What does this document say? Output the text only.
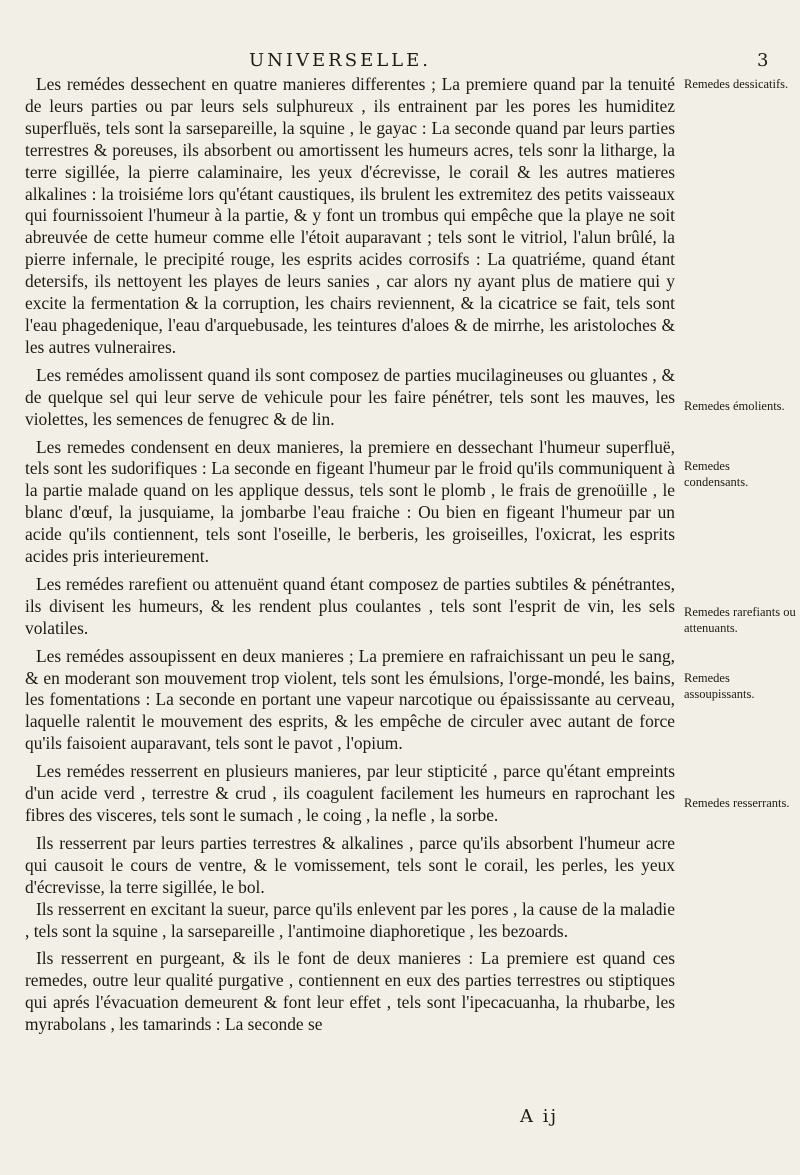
UNIVERSELLE.	3

Les remédes dessechent en quatre manieres differentes ; La premiere quand par la tenuité de leurs parties ou par leurs sels sulphureux , ils entrainent par les pores les humiditez superfluës, tels sont la sarsepareille, la squine , le gayac : La seconde quand par leurs parties terrestres & poreuses, ils absorbent ou amortissent les humeurs acres, tels sonr la litharge, la terre sigillée, la pierre calaminaire, les yeux d'écrevisse, le corail & les autres matieres alkalines : la troisiéme lors qu'étant caustiques, ils brulent les extremitez des petits vaisseaux qui fournissoient l'humeur à la partie, & y font un trombus qui empêche que la playe ne soit abreuvée de cette humeur comme elle l'étoit auparavant ; tels sont le vitriol, l'alun brûlé, la pierre infernale, le precipité rouge, les esprits acides corrosifs : La quatriéme, quand étant detersifs, ils nettoyent les playes de leurs sanies , car alors ny ayant plus de matiere qui y excite la fermentation & la corruption, les chairs reviennent, & la cicatrice se fait, tels sont l'eau phagedenique, l'eau d'arquebusade, les teintures d'aloes & de mirrhe, les aristoloches & les autres vulneraires.

Les remédes amolissent quand ils sont composez de parties mucilagineuses ou gluantes , & de quelque sel qui leur serve de vehicule pour les faire pénétrer, tels sont les mauves, les violettes, les semences de fenugrec & de lin.

Les remedes condensent en deux manieres, la premiere en dessechant l'humeur superfluë, tels sont les sudorifiques : La seconde en figeant l'humeur par le froid qu'ils communiquent à la partie malade quand on les applique dessus, tels sont le plomb , le frais de grenoüille , le blanc d'œuf, la jusquiame, la jombarbe l'eau fraiche : Ou bien en figeant l'humeur par un acide qu'ils contiennent, tels sont l'oseille, le berberis, les groiseilles, l'oxicrat, les esprits acides pris interieurement.

Les remédes rarefient ou attenuënt quand étant composez de parties subtiles & pénétrantes, ils divisent les humeurs, & les rendent plus coulantes , tels sont l'esprit de vin, les sels volatiles.

Les remédes assoupissent en deux manieres ; La premiere en rafraichissant un peu le sang, & en moderant son mouvement trop violent, tels sont les émulsions, l'orge-mondé, les bains, les fomentations : La seconde en portant une vapeur narcotique ou épaississante au cerveau, laquelle ralentit le mouvement des esprits, & les empêche de circuler avec autant de force qu'ils faisoient auparavant, tels sont le pavot , l'opium.

Les remédes resserrent en plusieurs manieres, par leur stipticité , parce qu'étant empreints d'un acide verd , terrestre & crud , ils coagulent facilement les humeurs en raprochant les fibres des visceres, tels sont le sumach , le coing , la nefle , la sorbe.

Ils resserrent par leurs parties terrestres & alkalines , parce qu'ils absorbent l'humeur acre qui causoit le cours de ventre, & le vomissement, tels sont le corail, les perles, les yeux d'écrevisse, la terre sigillée, le bol.

Ils resserrent en excitant la sueur, parce qu'ils enlevent par les pores , la cause de la maladie , tels sont la squine , la sarsepareille , l'antimoine diaphoretique , les bezoards.

Ils resserrent en purgeant, & ils le font de deux manieres : La premiere est quand ces remedes, outre leur qualité purgative , contiennent en eux des parties terrestres ou stiptiques qui aprés l'évacuation demeurent & font leur effet , tels sont l'ipecacuanha, la rhubarbe, les myrabolans , les tamarinds : La seconde se

Remedes dessicatifs.
Remedes émolients.
Remedes condensants.
Remedes rarefiants ou attenuants.
Remedes assoupissants.
Remedes resserrants.
A ij
